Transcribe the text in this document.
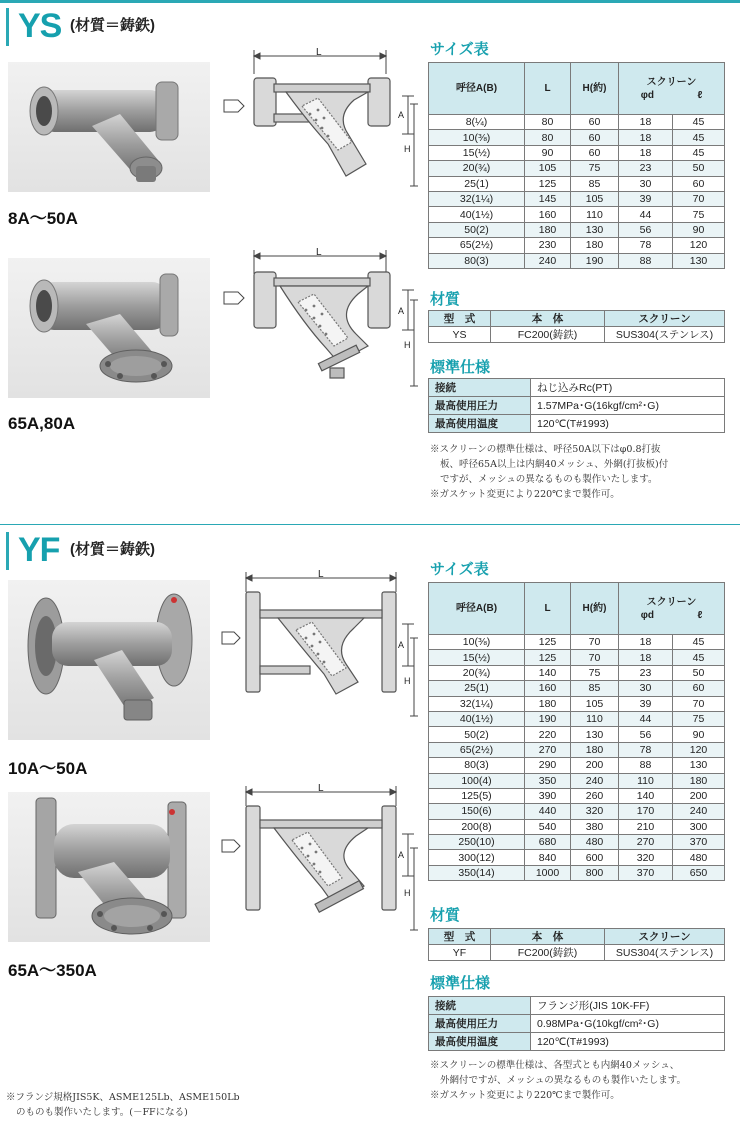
YS (材質＝鋳鉄)
8A～50A
65A,80A
L
A
H
L
A
H
サイズ表
呼径A(B)	L	H(約)	スクリーン
φd ℓ	

8(¼)	80	60	18	45
10(⅜)	80	60	18	45
15(½)	90	60	18	45
20(¾)	105	75	23	50
25(1)	125	85	30	60
32(1¼)	145	105	39	70
40(1½)	160	110	44	75
50(2)	180	130	56	90
65(2½)	230	180	78	120
80(3)	240	190	88	130
材質
型　式	本　体	スクリーン
YS	FC200(鋳鉄)	SUS304(ステンレス)
標準仕様
接続	ねじ込みRc(PT)
最高使用圧力	1.57MPa･G(16kgf/cm²･G)
最高使用温度	120℃(T#1993)
※スクリーンの標準仕様は、呼径50A以下はφ0.8打抜
板、呼径65A以上は内網40メッシュ、外網(打抜板)付
ですが、メッシュの異なるものも製作いたします。
※ガスケット変更により220℃まで製作可。
YF (材質＝鋳鉄)
10A～50A
65A～350A
L
A
H
L
A
H
サイズ表
呼径A(B)	L	H(約)	スクリーン
φd ℓ	

10(⅜)	125	70	18	45
15(½)	125	70	18	45
20(¾)	140	75	23	50
25(1)	160	85	30	60
32(1¼)	180	105	39	70
40(1½)	190	110	44	75
50(2)	220	130	56	90
65(2½)	270	180	78	120
80(3)	290	200	88	130
100(4)	350	240	110	180
125(5)	390	260	140	200
150(6)	440	320	170	240
200(8)	540	380	210	300
250(10)	680	480	270	370
300(12)	840	600	320	480
350(14)	1000	800	370	650
材質
型　式	本　体	スクリーン
YF	FC200(鋳鉄)	SUS304(ステンレス)
標準仕様
接続	フランジ形(JIS 10K-FF)
最高使用圧力	0.98MPa･G(10kgf/cm²･G)
最高使用温度	120℃(T#1993)
※スクリーンの標準仕様は、各型式とも内網40メッシュ、
外網付ですが、メッシュの異なるものも製作いたします。
※ガスケット変更により220℃まで製作可。
※フランジ規格JIS5K、ASME125Lb、ASME150Lb
のものも製作いたします。(－FFになる)
